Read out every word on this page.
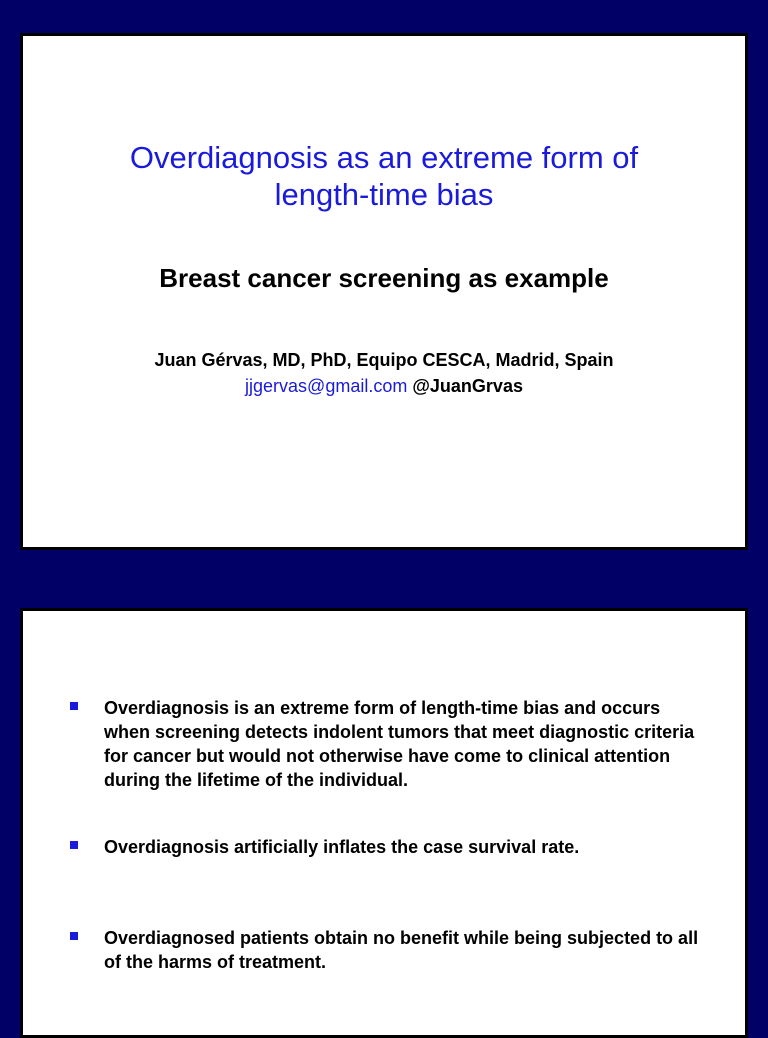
Overdiagnosis as an extreme form of
length-time bias
Breast cancer screening as example
Juan Gérvas, MD, PhD, Equipo CESCA, Madrid, Spain
jjgervas@gmail.com @JuanGrvas

Overdiagnosis is an extreme form of length-time bias and occurs when screening detects indolent tumors that meet diagnostic criteria for cancer but would not otherwise have come to clinical attention during the lifetime of the individual.

Overdiagnosis artificially inflates the case survival rate.

Overdiagnosed patients obtain no benefit while being subjected to all of the harms of treatment.
